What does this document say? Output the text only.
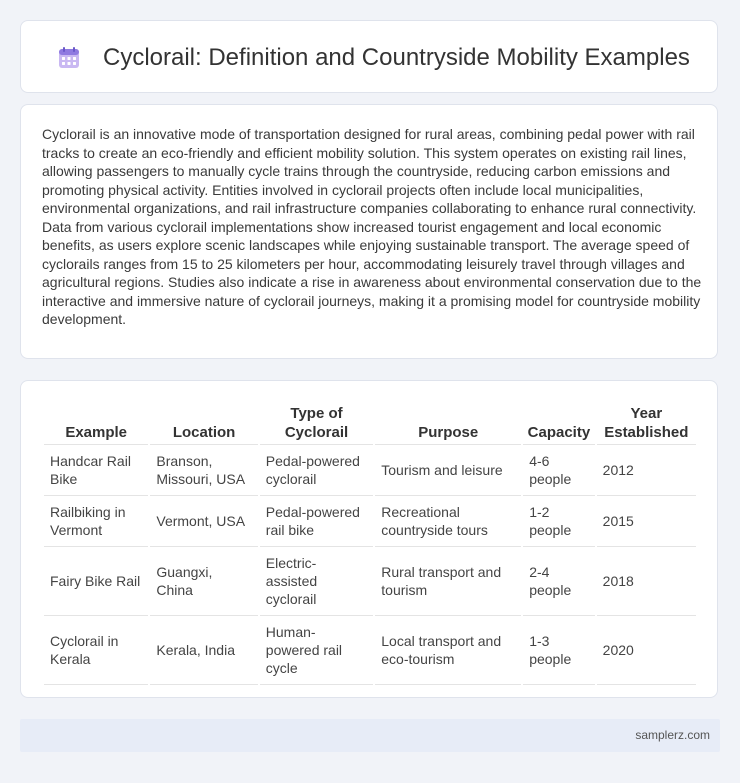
Cyclorail: Definition and Countryside Mobility Examples

Cyclorail is an innovative mode of transportation designed for rural areas, combining pedal power with rail tracks to create an eco-friendly and efficient mobility solution. This system operates on existing rail lines, allowing passengers to manually cycle trains through the countryside, reducing carbon emissions and promoting physical activity. Entities involved in cyclorail projects often include local municipalities, environmental organizations, and rail infrastructure companies collaborating to enhance rural connectivity. Data from various cyclorail implementations show increased tourist engagement and local economic benefits, as users explore scenic landscapes while enjoying sustainable transport. The average speed of cyclorails ranges from 15 to 25 kilometers per hour, accommodating leisurely travel through villages and agricultural regions. Studies also indicate a rise in awareness about environmental conservation due to the interactive and immersive nature of cyclorail journeys, making it a promising model for countryside mobility development.

Example	Location	Type of Cyclorail	Purpose	Capacity	Year Established
Handcar Rail Bike	Branson, Missouri, USA	Pedal-powered cyclorail	Tourism and leisure	4-6 people	2012
Railbiking in Vermont	Vermont, USA	Pedal-powered rail bike	Recreational countryside tours	1-2 people	2015
Fairy Bike Rail	Guangxi, China	Electric-assisted cyclorail	Rural transport and tourism	2-4 people	2018
Cyclorail in Kerala	Kerala, India	Human-powered rail cycle	Local transport and eco-tourism	1-3 people	2020
samplerz.com
